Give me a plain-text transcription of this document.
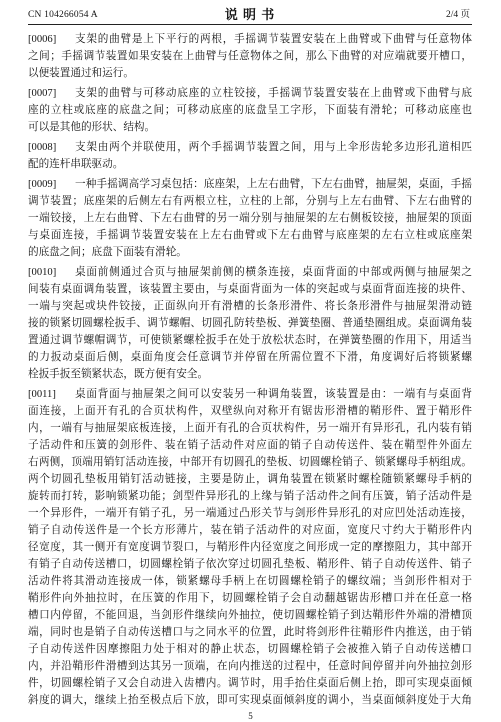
CN 104266054 A	说 明 书	2/4 页
[0006]	支架的曲臂是上下平行的两根，手摇调节装置安装在上曲臂或下曲臂与任意物体
之间；手摇调节装置如果安装在上曲臂与任意物体之间，那么下曲臂的对应端就要开槽口，
以便装置通过和运行。
[0007]	支架的曲臂与可移动底座的立柱铰接，手摇调节装置安装在上曲臂或下曲臂与底
座的立柱或底座的底盘之间；可移动底座的底盘呈工字形，下面装有滑轮；可移动底座也
可以是其他的形状、结构。
[0008]	支架由两个并联使用，两个手摇调节装置之间，用与上伞形齿轮多边形孔道相匹
配的连杆串联驱动。
[0009]	一种手摇调高学习桌包括：底座架，上左右曲臂，下左右曲臂，抽屉架，桌面，手摇
调节装置；底座架的后侧左右有两根立柱，立柱的上部，分别与上左右曲臂、下左右曲臂的
一端铰接，上左右曲臂、下左右曲臂的另一端分别与抽屉架的左右侧板铰接，抽屉架的顶面
与桌面连接，手摇调节装置安装在上左右曲臂或下左右曲臂与底座架的左右立柱或底座架
的底盘之间；底盘下面装有滑轮。
[0010]	桌面前侧通过合页与抽屉架前侧的横条连接，桌面背面的中部或两侧与抽屉架之
间装有桌面调角装置，该装置主要由，与桌面背面为一体的突起或与桌面背面连接的块件、
一端与突起或块件铰接，正面纵向开有滑槽的长条形滑件、将长条形滑件与抽屉架滑动链
接的锁紧切圆螺栓扳手、调节螺帽、切圆孔防转垫板、弹簧垫圈、普通垫圈组成。桌面调角装
置通过调节螺帽调节，可使锁紧螺栓扳手在处于放松状态时，在弹簧垫圈的作用下，用适当
的力扳动桌面后侧，桌面角度会任意调节并停留在所需位置不下滑，角度调好后将锁紧螺
栓扳手扳至锁紧状态，既方便有安全。
[0011]	桌面背面与抽屉架之间可以安装另一种调角装置，该装置是由：一端有与桌面背
面连接，上面开有孔的合页状构件，双壁纵向对称开有锯齿形滑槽的鞘形件、置于鞘形件
内，一端有与抽屉架底板连接，上面开有孔的合页状构件，另一端开有异形孔，孔内装有销
子活动件和压簧的剑形件、装在销子活动件对应面的销子自动传送件、装在鞘型件外面左
右两侧，顶端用销钉活动连接，中部开有切圆孔的垫板、切圆螺栓销子、锁紧螺母手柄组成。
两个切圆孔垫板用销钉活动链接，主要是防止，调角装置在锁紧时螺栓随锁紧螺母手柄的
旋转而打转，影响锁紧功能；剑型件异形孔的上缘与销子活动件之间有压簧，销子活动件是
一个异形件，一端开有销子孔，另一端通过凸形关节与剑形件异形孔的对应凹处活动连接，
销子自动传送件是一个长方形薄片，装在销子活动件的对应面，宽度尺寸约大于鞘形件内
径宽度，其一侧开有宽度调节裂口，与鞘形件内径宽度之间形成一定的摩擦阻力，其中部开
有销子自动传送槽口，切圆螺栓销子依次穿过切圆孔垫板、鞘形件、销子自动传送件、销子
活动件将其滑动连接成一体，锁紧螺母手柄上在切圆螺栓销子的螺纹端；当剑形件相对于
鞘形件向外抽拉时，在压簧的作用下，切圆螺栓销子会自动翻越锯齿形槽口并在任意一格
槽口内停留，不能回退，当剑形件继续向外抽拉，使切圆螺栓销子到达鞘形件外端的滑槽顶
端，同时也是销子自动传送槽口与之同水平的位置，此时将剑形件往鞘形件内推送，由于销
子自动传送件因摩擦阻力处于相对的静止状态，切圆螺栓销子会被推入销子自动传送槽口
内，并沿鞘形件滑槽到达其另一顶端，在向内推送的过程中，任意时间停留并向外抽拉剑形
件，切圆螺栓销子又会自动进入齿槽内。调节时，用手抬住桌面后侧上抬，即可实现桌面倾
斜度的调大，继续上抬至极点后下放，即可实现桌面倾斜度的调小，当桌面倾斜度处于大角
5
